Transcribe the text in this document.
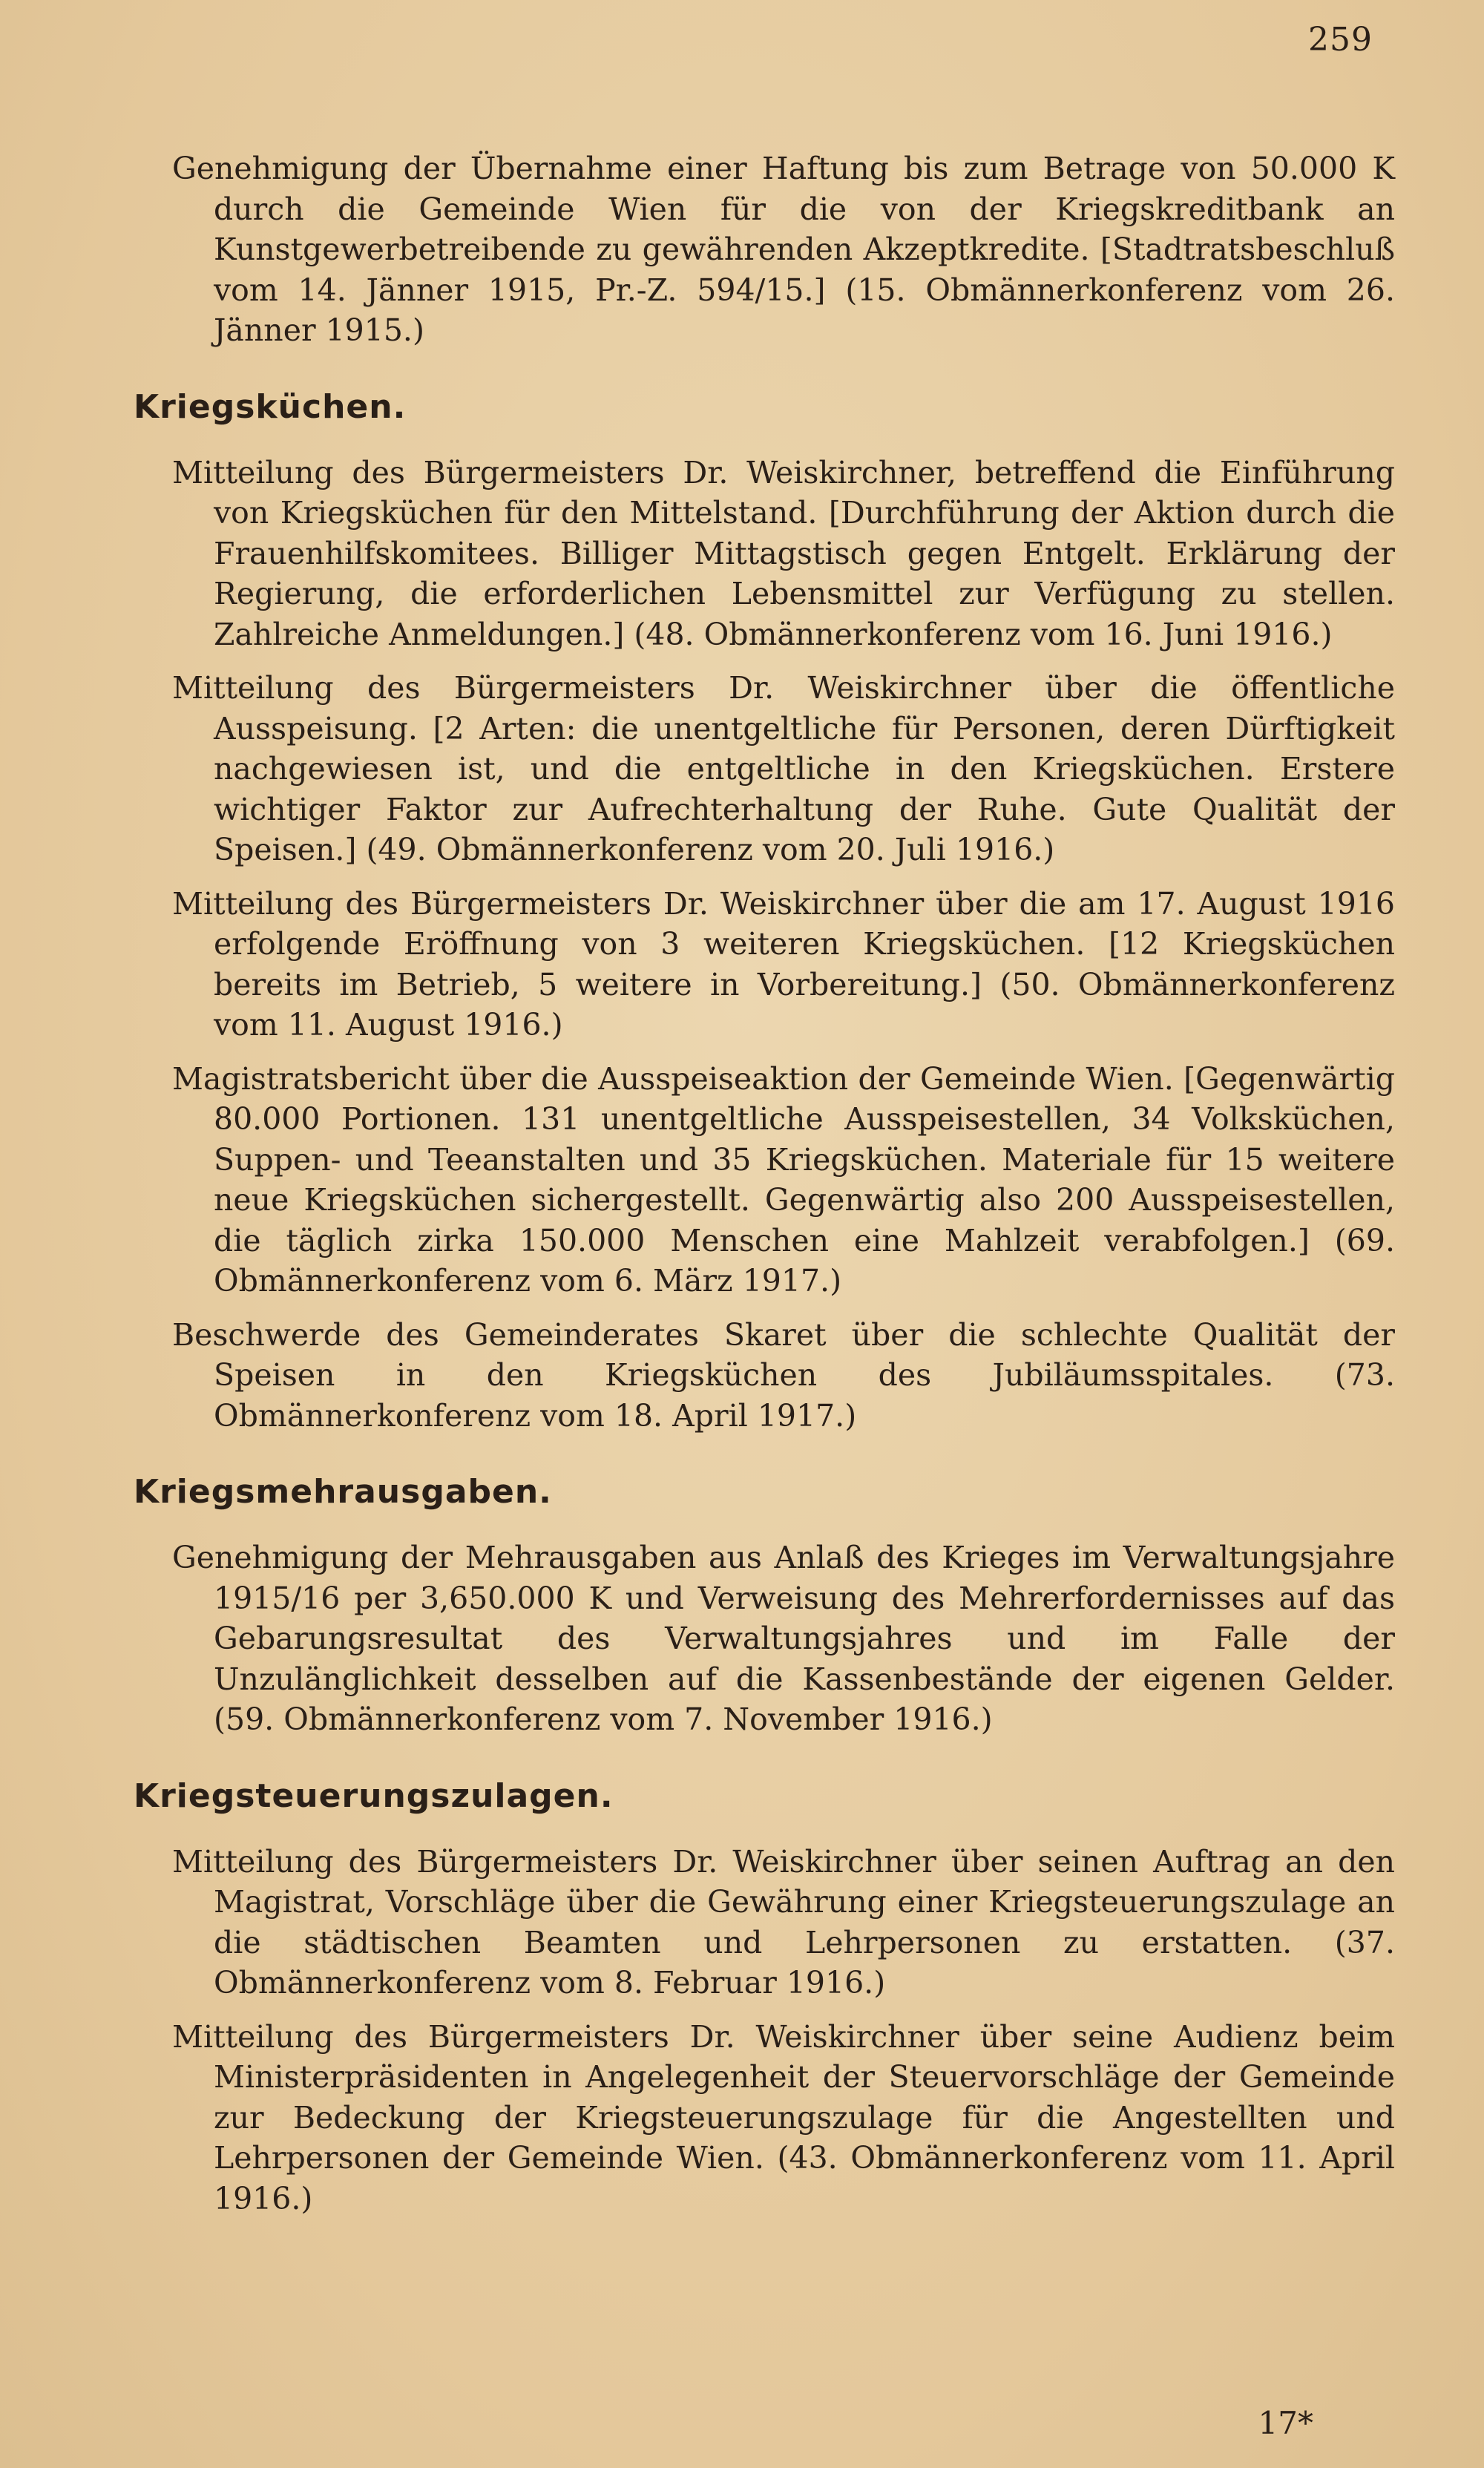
259

Genehmigung der Übernahme einer Haftung bis zum Betrage von 50.000 K durch die Gemeinde Wien für die von der Kriegskreditbank an Kunstgewerbetreibende zu gewährenden Akzeptkredite. [Stadtratsbeschluß vom 14. Jänner 1915, Pr.-Z. 594/15.] (15. Obmännerkonferenz vom 26. Jänner 1915.)

Kriegsküchen.

Mitteilung des Bürgermeisters Dr. Weiskirchner, betreffend die Einführung von Kriegsküchen für den Mittelstand. [Durchführung der Aktion durch die Frauenhilfskomitees. Billiger Mittagstisch gegen Entgelt. Erklärung der Regierung, die erforderlichen Lebensmittel zur Verfügung zu stellen. Zahlreiche Anmeldungen.] (48. Obmännerkonferenz vom 16. Juni 1916.)

Mitteilung des Bürgermeisters Dr. Weiskirchner über die öffentliche Ausspeisung. [2 Arten: die unentgeltliche für Personen, deren Dürftigkeit nachgewiesen ist, und die entgeltliche in den Kriegsküchen. Erstere wichtiger Faktor zur Aufrechterhaltung der Ruhe. Gute Qualität der Speisen.] (49. Obmännerkonferenz vom 20. Juli 1916.)

Mitteilung des Bürgermeisters Dr. Weiskirchner über die am 17. August 1916 erfolgende Eröffnung von 3 weiteren Kriegsküchen. [12 Kriegsküchen bereits im Betrieb, 5 weitere in Vorbereitung.] (50. Obmännerkonferenz vom 11. August 1916.)

Magistratsbericht über die Ausspeiseaktion der Gemeinde Wien. [Gegenwärtig 80.000 Portionen. 131 unentgeltliche Ausspeisestellen, 34 Volksküchen, Suppen- und Teeanstalten und 35 Kriegsküchen. Materiale für 15 weitere neue Kriegsküchen sichergestellt. Gegenwärtig also 200 Ausspeisestellen, die täglich zirka 150.000 Menschen eine Mahlzeit verabfolgen.] (69. Obmännerkonferenz vom 6. März 1917.)

Beschwerde des Gemeinderates Skaret über die schlechte Qualität der Speisen in den Kriegsküchen des Jubiläumsspitales. (73. Obmännerkonferenz vom 18. April 1917.)

Kriegsmehrausgaben.

Genehmigung der Mehrausgaben aus Anlaß des Krieges im Verwaltungsjahre 1915/16 per 3,650.000 K und Verweisung des Mehrerfordernisses auf das Gebarungsresultat des Verwaltungsjahres und im Falle der Unzulänglichkeit desselben auf die Kassenbestände der eigenen Gelder. (59. Obmännerkonferenz vom 7. November 1916.)

Kriegsteuerungszulagen.

Mitteilung des Bürgermeisters Dr. Weiskirchner über seinen Auftrag an den Magistrat, Vorschläge über die Gewährung einer Kriegsteuerungszulage an die städtischen Beamten und Lehrpersonen zu erstatten. (37. Obmännerkonferenz vom 8. Februar 1916.)

Mitteilung des Bürgermeisters Dr. Weiskirchner über seine Audienz beim Ministerpräsidenten in Angelegenheit der Steuervorschläge der Gemeinde zur Bedeckung der Kriegsteuerungszulage für die Angestellten und Lehrpersonen der Gemeinde Wien. (43. Obmännerkonferenz vom 11. April 1916.)

17*
